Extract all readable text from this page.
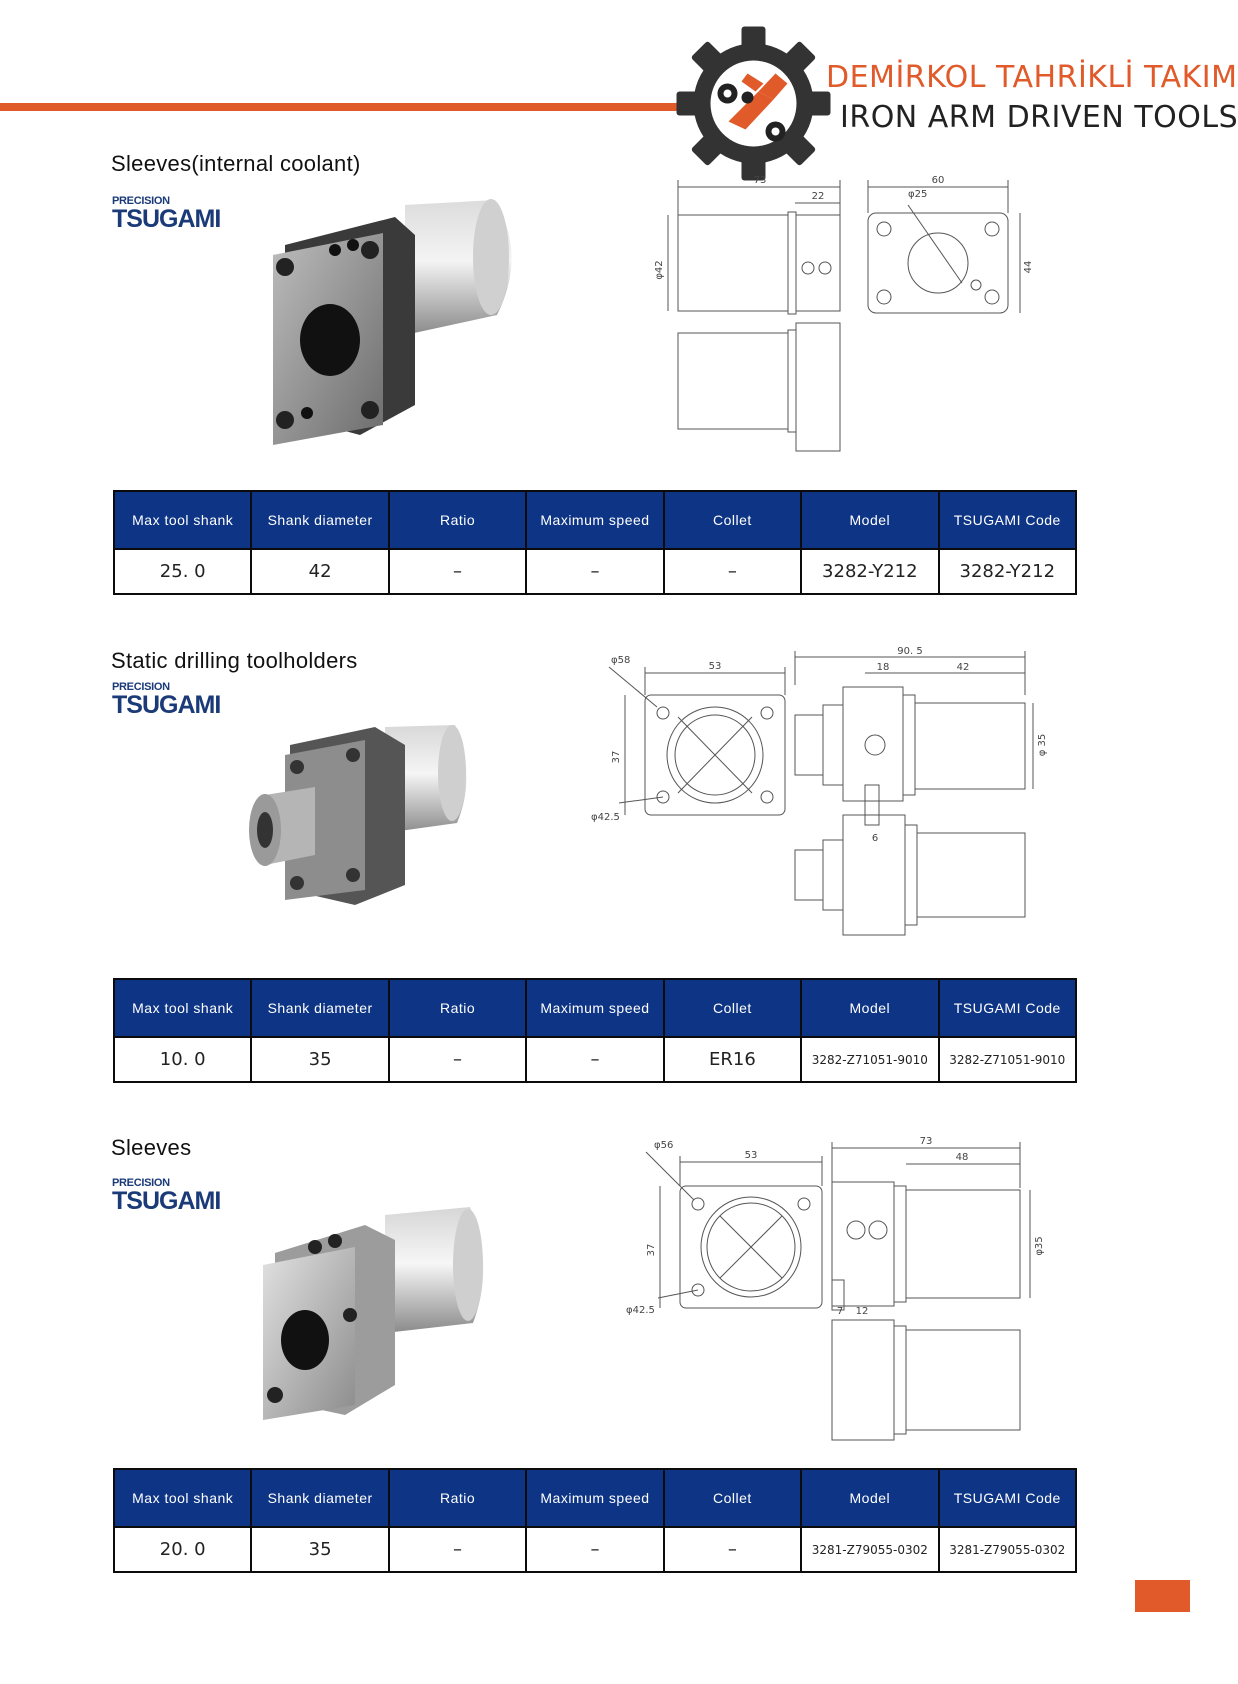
DEMİRKOL TAHRİKLİ TAKIM
IRON ARM DRIVEN TOOLS
Sleeves(internal coolant)
PRECISION
TSUGAMI
73
22
60
φ25
φ42	44
Max tool shank	Shank diameter	Ratio	Maximum speed	Collet	Model	TSUGAMI Code
25. 0	42	–	–	–	3282-Y212	3282-Y212
Static drilling toolholders
PRECISION
TSUGAMI
φ58
53
37
φ42.5
90. 5
18	42
φ 35
6
Max tool shank	Shank diameter	Ratio	Maximum speed	Collet	Model	TSUGAMI Code
10. 0	35	–	–	ER16	3282-Z71051-9010	3282-Z71051-9010
Sleeves
PRECISION
TSUGAMI
φ56
53
37
φ42.5
73
48
φ35
7 12
Max tool shank	Shank diameter	Ratio	Maximum speed	Collet	Model	TSUGAMI Code
20. 0	35	–	–	–	3281-Z79055-0302	3281-Z79055-0302
